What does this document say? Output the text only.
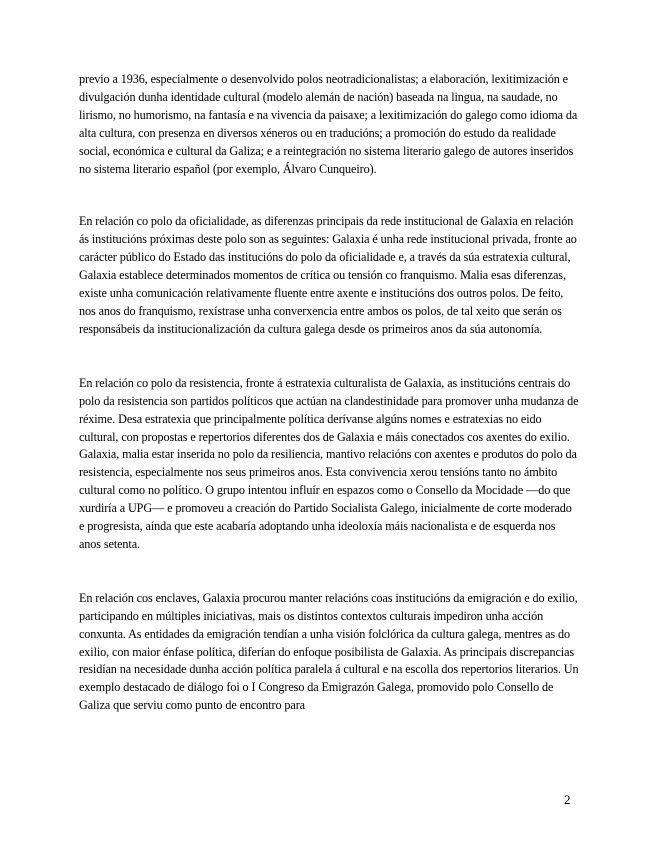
previo a 1936, especialmente o desenvolvido polos neotradicionalistas; a elaboración, lexitimización e divulgación dunha identidade cultural (modelo alemán de nación) baseada na lingua, na saudade, no lirismo, no humorismo, na fantasía e na vivencia da paisaxe; a lexitimización do galego como idioma da alta cultura, con presenza en diversos xéneros ou en traducións; a promoción do estudo da realidade social, económica e cultural da Galiza; e a reintegración no sistema literario galego de autores inseridos no sistema literario español (por exemplo, Álvaro Cunqueiro).

En relación co polo da oficialidade, as diferenzas principais da rede institucional de Galaxia en relación ás institucións próximas deste polo son as seguintes: Galaxia é unha rede institucional privada, fronte ao carácter público do Estado das institucións do polo da oficialidade e, a través da súa estratexia cultural, Galaxia establece determinados momentos de crítica ou tensión co franquismo. Malia esas diferenzas, existe unha comunicación relativamente fluente entre axente e institucións dos outros polos. De feito, nos anos do franquismo, rexístrase unha converxencia entre ambos os polos, de tal xeito que serán os responsábeis da institucionalización da cultura galega desde os primeiros anos da súa autonomía.

En relación co polo da resistencia, fronte á estratexia culturalista de Galaxia, as institucións centrais do polo da resistencia son partidos políticos que actúan na clandestinidade para promover unha mudanza de réxime. Desa estratexia que principalmente política derívanse algúns nomes e estratexias no eido cultural, con propostas e repertorios diferentes dos de Galaxia e máis conectados cos axentes do exilio. Galaxia, malia estar inserida no polo da resiliencia, mantivo relacións con axentes e produtos do polo da resistencia, especialmente nos seus primeiros anos. Esta convivencia xerou tensións tanto no ámbito cultural como no político. O grupo intentou influír en espazos como o Consello da Mocidade —do que xurdiría a UPG— e promoveu a creación do Partido Socialista Galego, inicialmente de corte moderado e progresista, aínda que este acabaría adoptando unha ideoloxía máis nacionalista e de esquerda nos anos setenta.

En relación cos enclaves, Galaxia procurou manter relacións coas institucións da emigración e do exilio, participando en múltiples iniciativas, mais os distintos contextos culturais impediron unha acción conxunta. As entidades da emigración tendían a unha visión folclórica da cultura galega, mentres as do exilio, con maior énfase política, diferían do enfoque posibilista de Galaxia. As principais discrepancias residían na necesidade dunha acción política paralela á cultural e na escolla dos repertorios literarios. Un exemplo destacado de diálogo foi o I Congreso da Emigrazón Galega, promovido polo Consello de Galiza que serviu como punto de encontro para

2
